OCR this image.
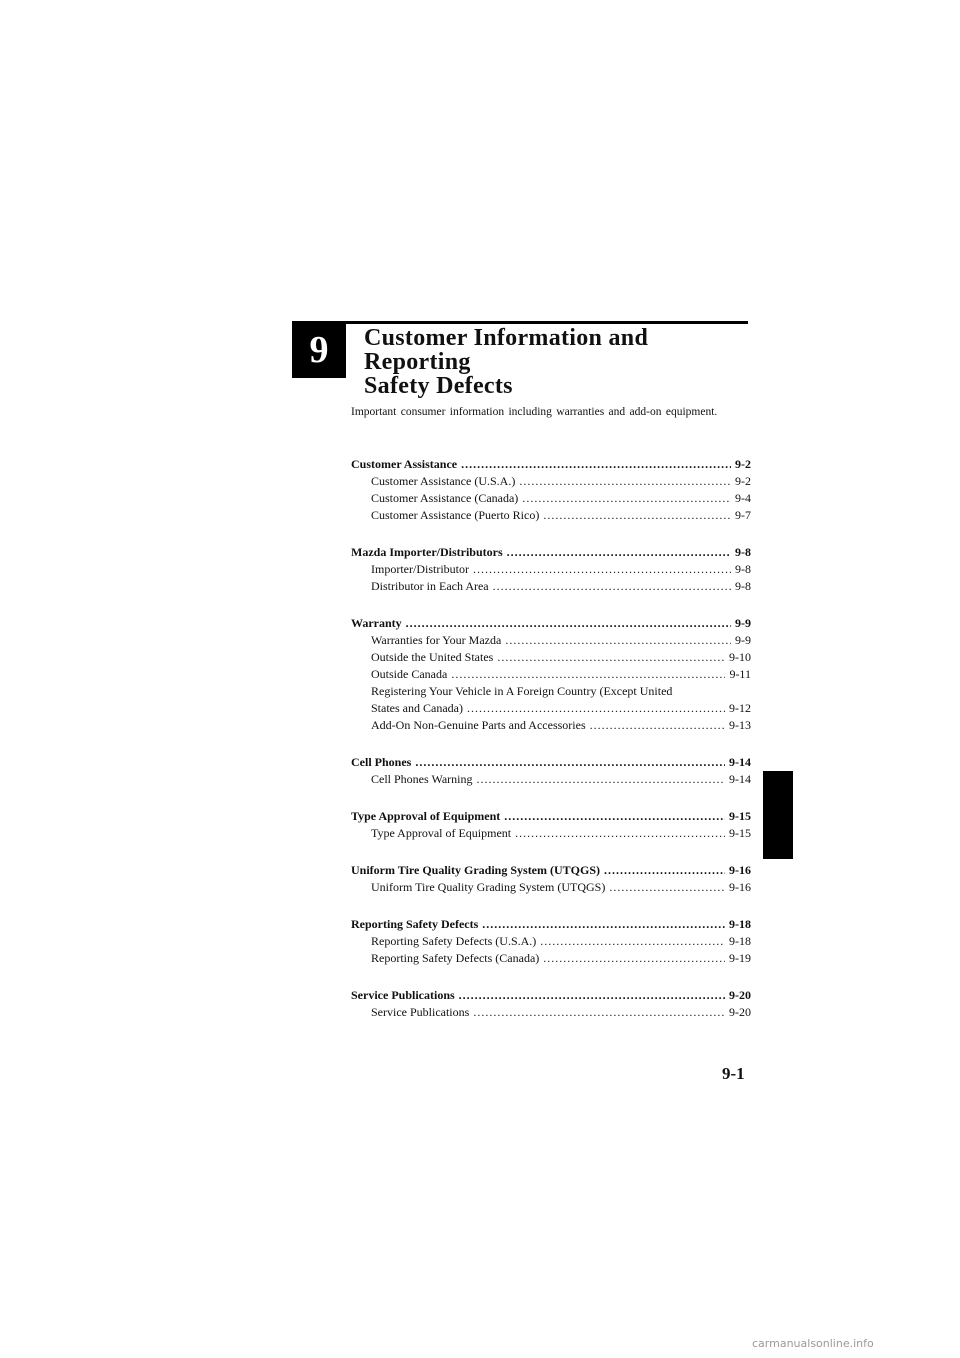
9 Customer Information and Reporting
Safety Defects
Important consumer information including warranties and add-on equipment.
Customer Assistance .....	9-2
Customer Assistance (U.S.A.) .....	9-2
Customer Assistance (Canada) .....	9-4
Customer Assistance (Puerto Rico) .....	9-7
Mazda Importer/Distributors .....	9-8
Importer/Distributor .....	9-8
Distributor in Each Area .....	9-8
Warranty .....	9-9
Warranties for Your Mazda .....	9-9
Outside the United States .....	9-10
Outside Canada .....	9-11
Registering Your Vehicle in A Foreign Country (Except United
States and Canada) .....	9-12
Add-On Non-Genuine Parts and Accessories .....	9-13
Cell Phones .....	9-14
Cell Phones Warning .....	9-14
Type Approval of Equipment .....	9-15
Type Approval of Equipment .....	9-15
Uniform Tire Quality Grading System (UTQGS) .....	9-16
Uniform Tire Quality Grading System (UTQGS) .....	9-16
Reporting Safety Defects .....	9-18
Reporting Safety Defects (U.S.A.) .....	9-18
Reporting Safety Defects (Canada) .....	9-19
Service Publications .....	9-20
Service Publications .....	9-20
9-1
carmanualsonline.info
